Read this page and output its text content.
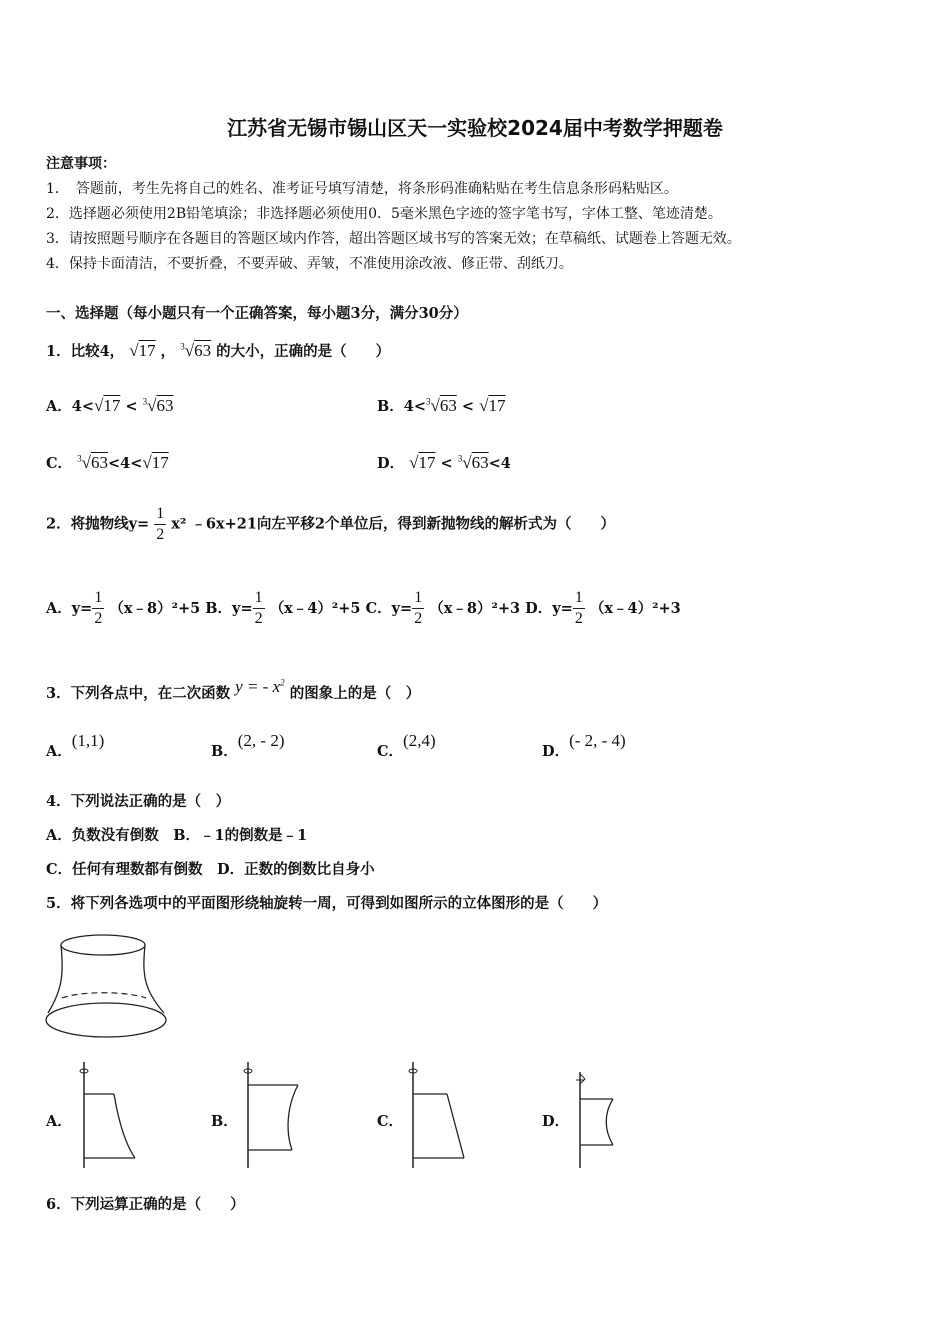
江苏省无锡市锡山区天一实验校2024届中考数学押题卷
注意事项：
1．　答题前，考生先将自己的姓名、准考证号填写清楚，将条形码准确粘贴在考生信息条形码粘贴区。
2．选择题必须使用2B铅笔填涂；非选择题必须使用0．5毫米黑色字迹的签字笔书写，字体工整、笔迹清楚。
3．请按照题号顺序在各题目的答题区域内作答，超出答题区域书写的答案无效；在草稿纸、试题卷上答题无效。
4．保持卡面清洁，不要折叠，不要弄破、弄皱，不准使用涂改液、修正带、刮纸刀。
一、选择题（每小题只有一个正确答案，每小题3分，满分30分）
1．比较4， √17 ， $^3$√63 的大小，正确的是（　　）
A．4<√17 < $^3$√63	B．4<$^3$√63 < √17
C． $^3$√63<4<√17	D． √17 < $^3$√63<4
2．将抛物线$y= \frac{1}{2} x^2$ ﹣6x+21向左平移2个单位后，得到新抛物线的解析式为（　　）
A．$y= \frac{1}{2}$ （x﹣8）²+5 B．$y= \frac{1}{2}$ （x﹣4）²+5 C．$y= \frac{1}{2}$ （x﹣8）²+3 D．$y= \frac{1}{2}$ （x﹣4）²+3
3．下列各点中，在二次函数 y = - $x^2$ 的图象上的是（　）
A．(1,1)
B．(2, - 2)
C．(2,4)
D．(- 2, - 4)
4．下列说法正确的是（　）
A．负数没有倒数　B．﹣1的倒数是﹣1
C．任何有理数都有倒数　D．正数的倒数比自身小
5．将下列各选项中的平面图形绕轴旋转一周，可得到如图所示的立体图形的是（　　）
A．	B．	C．	D．
6．下列运算正确的是（　　）
